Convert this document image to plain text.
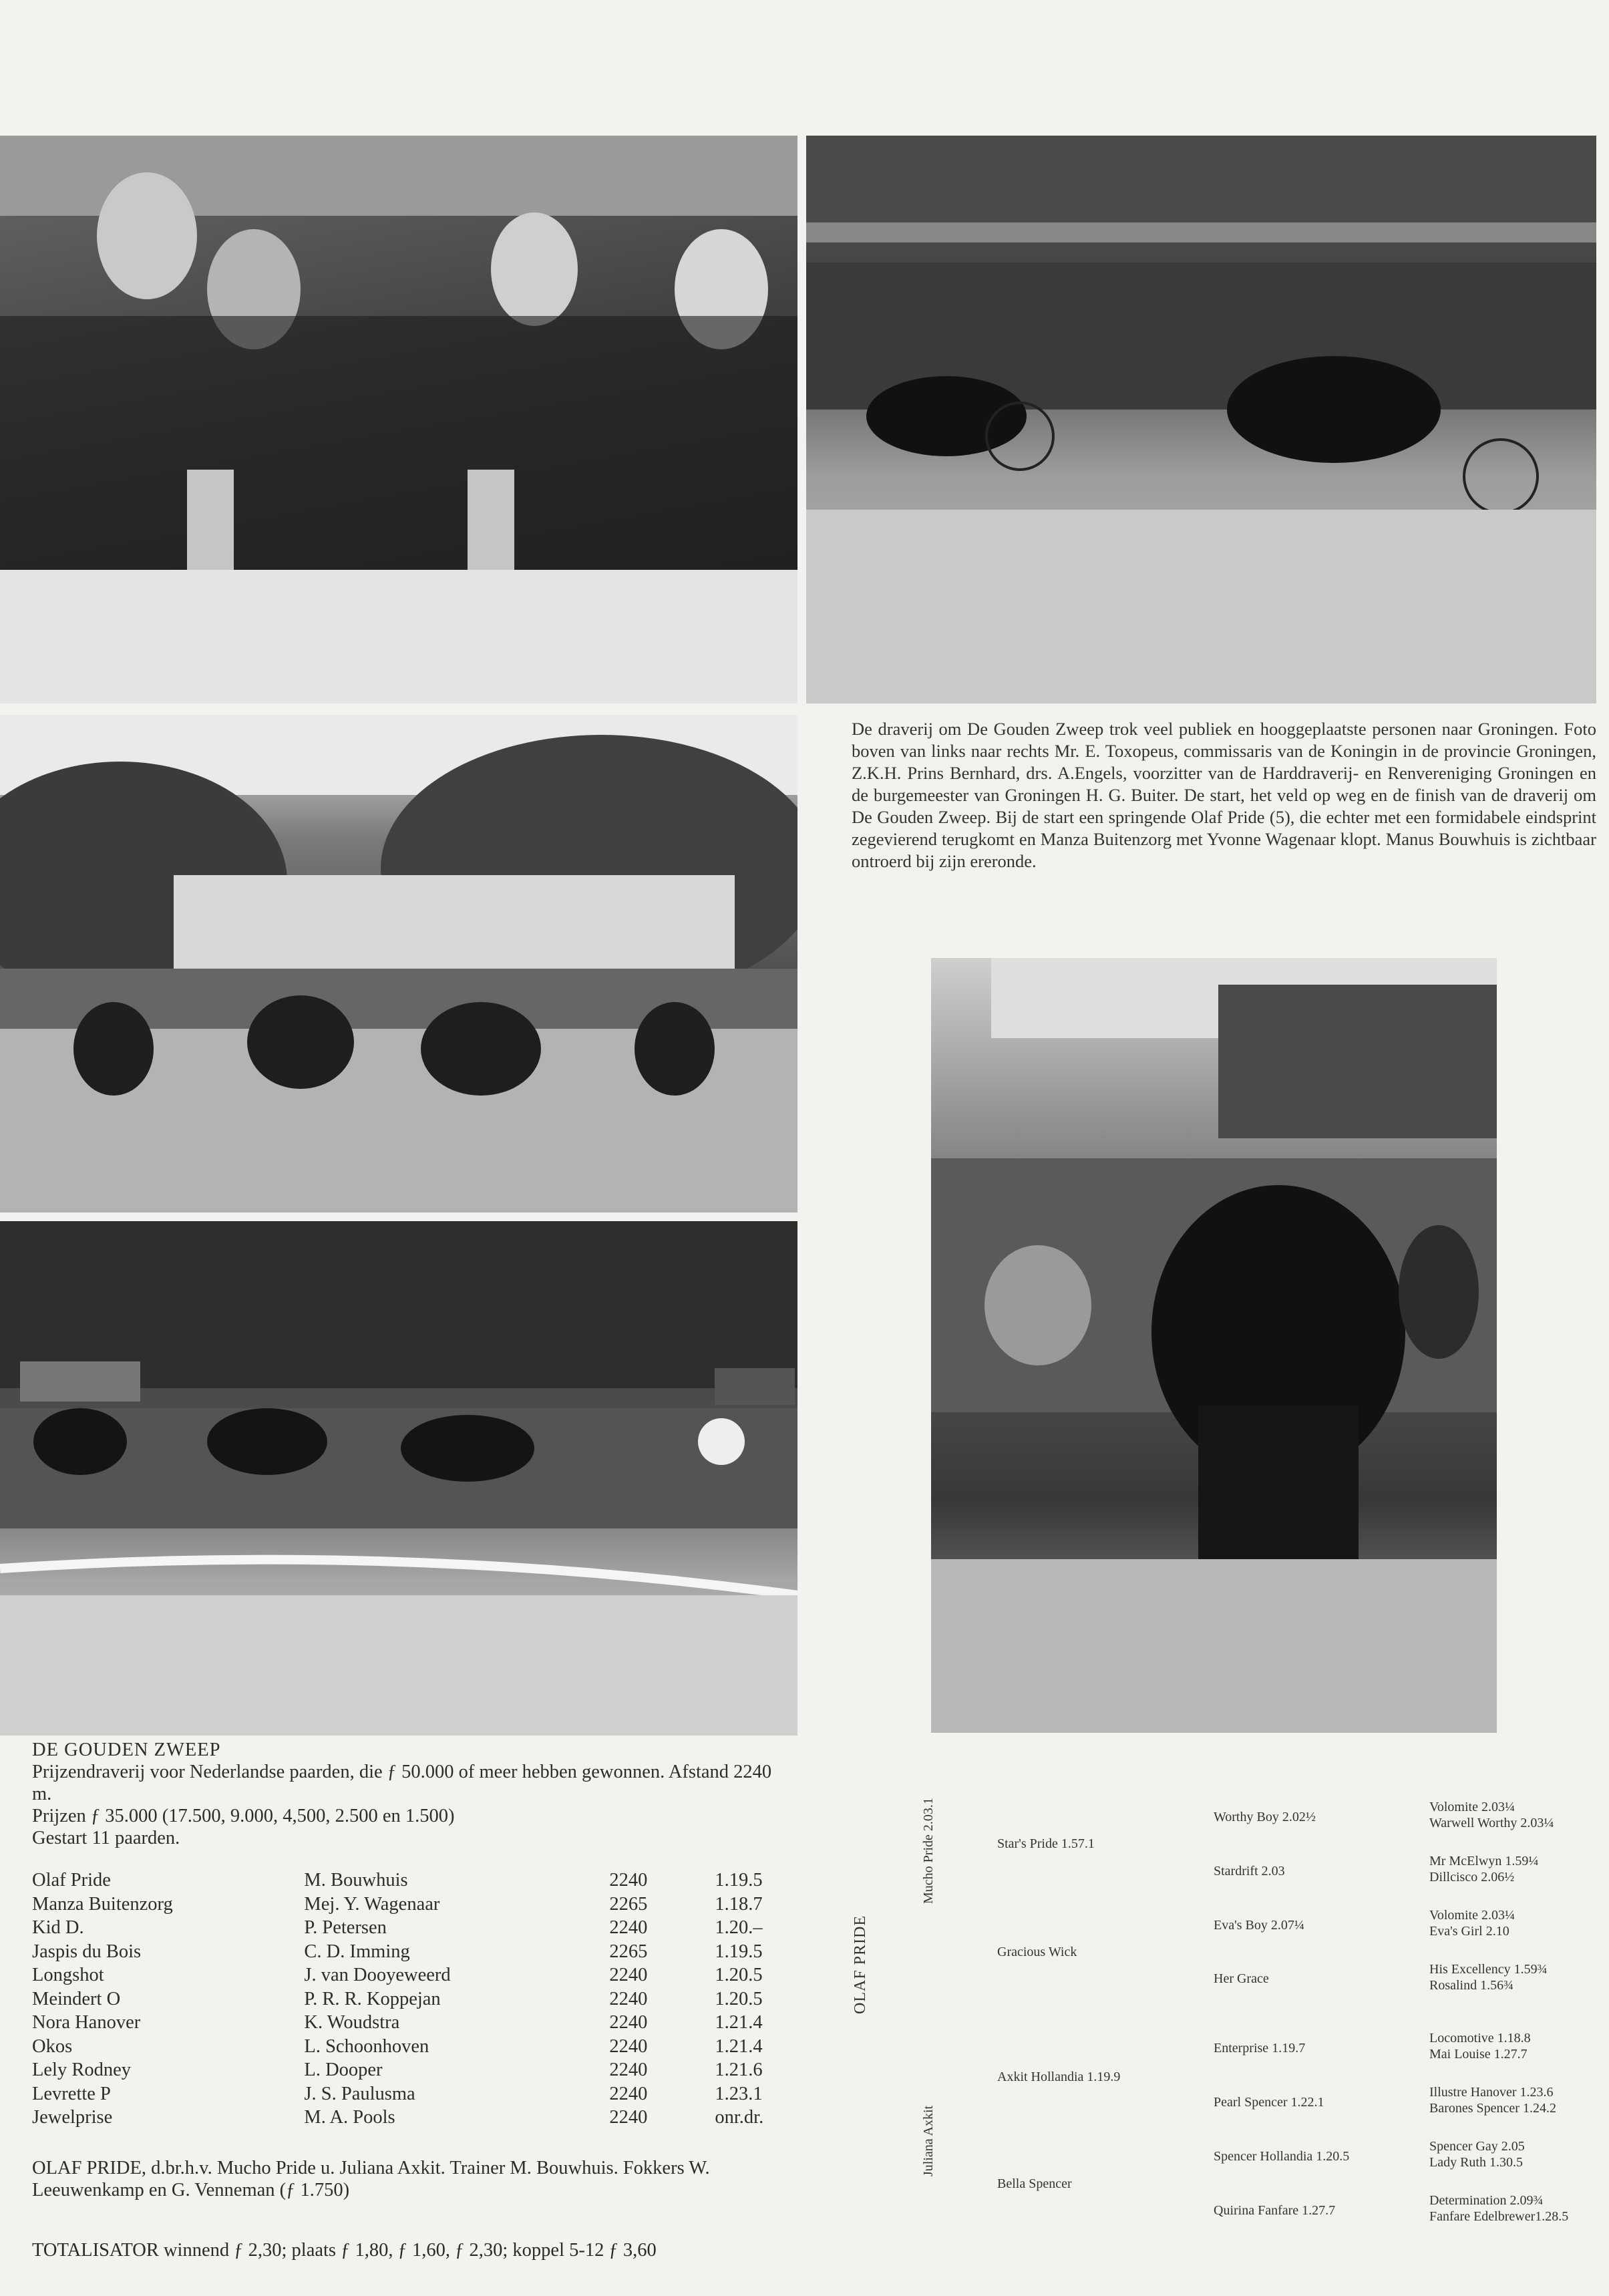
De draverij om De Gouden Zweep trok veel publiek en hooggeplaatste personen naar Groningen. Foto boven van links naar rechts Mr. E. Toxopeus, commissaris van de Koningin in de provincie Groningen, Z.K.H. Prins Bernhard, drs. A.Engels, voorzitter van de Harddraverij- en Renvereniging Groningen en de burgemeester van Groningen H. G. Buiter. De start, het veld op weg en de finish van de draverij om De Gouden Zweep. Bij de start een springende Olaf Pride (5), die echter met een formidabele eindsprint zegevierend terugkomt en Manza Buitenzorg met Yvonne Wagenaar klopt. Manus Bouwhuis is zichtbaar ontroerd bij zijn ereronde.
DE GOUDEN ZWEEP
Prijzendraverij voor Nederlandse paarden, die ƒ 50.000 of meer hebben gewonnen. Afstand 2240 m.
Prijzen ƒ 35.000 (17.500, 9.000, 4,500, 2.500 en 1.500)
Gestart 11 paarden.
Olaf Pride	M. Bouwhuis	2240	1.19.5
Manza Buitenzorg	Mej. Y. Wagenaar	2265	1.18.7
Kid D.	P. Petersen	2240	1.20.–
Jaspis du Bois	C. D. Imming	2265	1.19.5
Longshot	J. van Dooyeweerd	2240	1.20.5
Meindert O	P. R. R. Koppejan	2240	1.20.5
Nora Hanover	K. Woudstra	2240	1.21.4
Okos	L. Schoonhoven	2240	1.21.4
Lely Rodney	L. Dooper	2240	1.21.6
Levrette P	J. S. Paulusma	2240	1.23.1
Jewelprise	M. A. Pools	2240	onr.dr.
OLAF PRIDE, d.br.h.v. Mucho Pride u. Juliana Axkit. Trainer M. Bouwhuis. Fokkers W. Leeuwenkamp en G. Venneman (ƒ 1.750)
TOTALISATOR winnend ƒ 2,30; plaats ƒ 1,80, ƒ 1,60, ƒ 2,30; koppel 5-12 ƒ 3,60
OLAF PRIDE
Mucho Pride 2.03.1
Juliana Axkit
Star's Pride 1.57.1
Gracious Wick
Axkit Hollandia 1.19.9
Bella Spencer
Worthy Boy 2.02½
Stardrift 2.03
Eva's Boy 2.07¼
Her Grace
Enterprise 1.19.7
Pearl Spencer 1.22.1
Spencer Hollandia 1.20.5
Quirina Fanfare 1.27.7
Volomite 2.03¼
Warwell Worthy 2.03¼
Mr McElwyn 1.59¼
Dillcisco 2.06½
Volomite 2.03¼
Eva's Girl 2.10
His Excellency 1.59¾
Rosalind 1.56¾
Locomotive 1.18.8
Mai Louise 1.27.7
Illustre Hanover 1.23.6
Barones Spencer 1.24.2
Spencer Gay 2.05
Lady Ruth 1.30.5
Determination 2.09¾
Fanfare Edelbrewer1.28.5
